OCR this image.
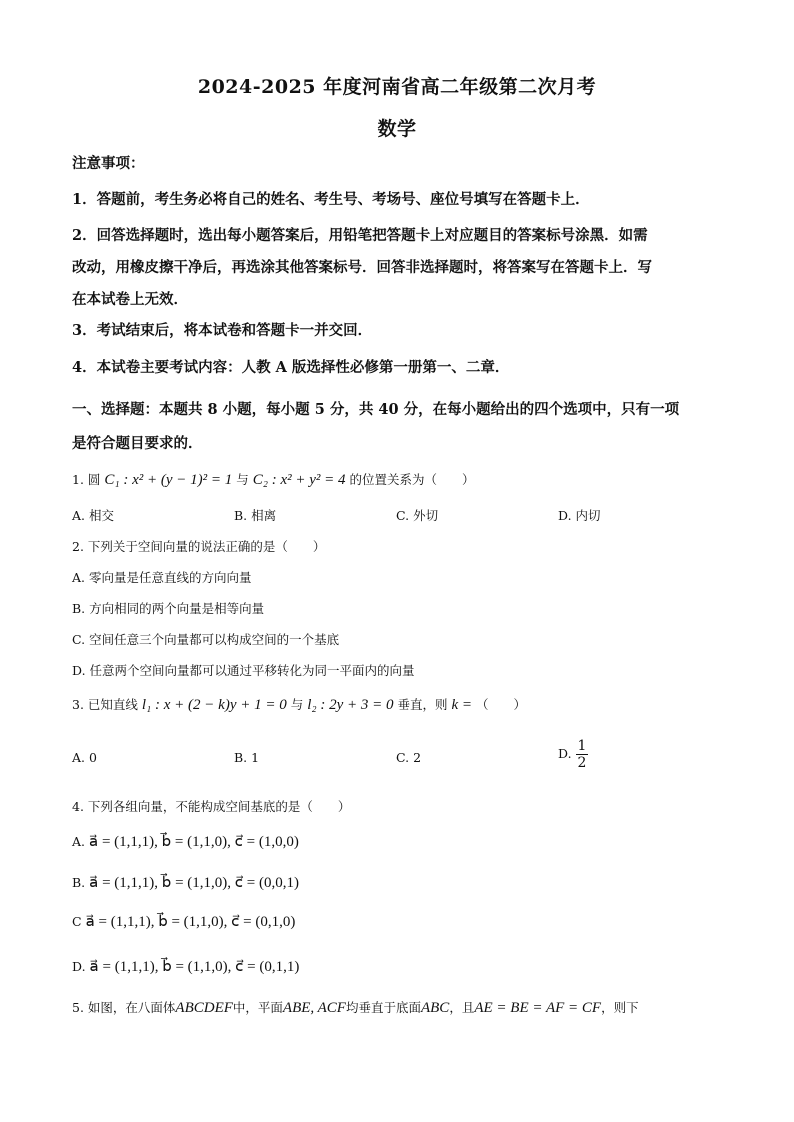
2024-2025 年度河南省高二年级第二次月考
数学
注意事项：
1．答题前，考生务必将自己的姓名、考生号、考场号、座位号填写在答题卡上．
2．回答选择题时，选出每小题答案后，用铅笔把答题卡上对应题目的答案标号涂黑．如需
改动，用橡皮擦干净后，再选涂其他答案标号．回答非选择题时，将答案写在答题卡上．写
在本试卷上无效．
3．考试结束后，将本试卷和答题卡一并交回．
4．本试卷主要考试内容：人教 A 版选择性必修第一册第一、二章．
一、选择题：本题共 8 小题，每小题 5 分，共 40 分，在每小题给出的四个选项中，只有一项
是符合题目要求的．
1. 圆 C₁ : x² + (y − 1)² = 1 与 C₂ : x² + y² = 4 的位置关系为（　　）
A. 相交	B. 相离	C. 外切	D. 内切
2. 下列关于空间向量的说法正确的是（　　）
A. 零向量是任意直线的方向向量
B. 方向相同的两个向量是相等向量
C. 空间任意三个向量都可以构成空间的一个基底
D. 任意两个空间向量都可以通过平移转化为同一平面内的向量
3. 已知直线 l₁ : x + (2 − k)y + 1 = 0 与 l₂ : 2y + 3 = 0 垂直，则 k = （　　）
A. 0	B. 1	C. 2	D. $\frac{1}{2}$
4. 下列各组向量，不能构成空间基底的是（　　）
A. a⃗ = (1,1,1), b⃗ = (1,1,0), c⃗ = (1,0,0)
B. a⃗ = (1,1,1), b⃗ = (1,1,0), c⃗ = (0,0,1)
C a⃗ = (1,1,1), b⃗ = (1,1,0), c⃗ = (0,1,0)
D. a⃗ = (1,1,1), b⃗ = (1,1,0), c⃗ = (0,1,1)
5. 如图，在八面体ABCDEF中，平面ABE, ACF均垂直于底面ABC，且AE = BE = AF = CF，则下
